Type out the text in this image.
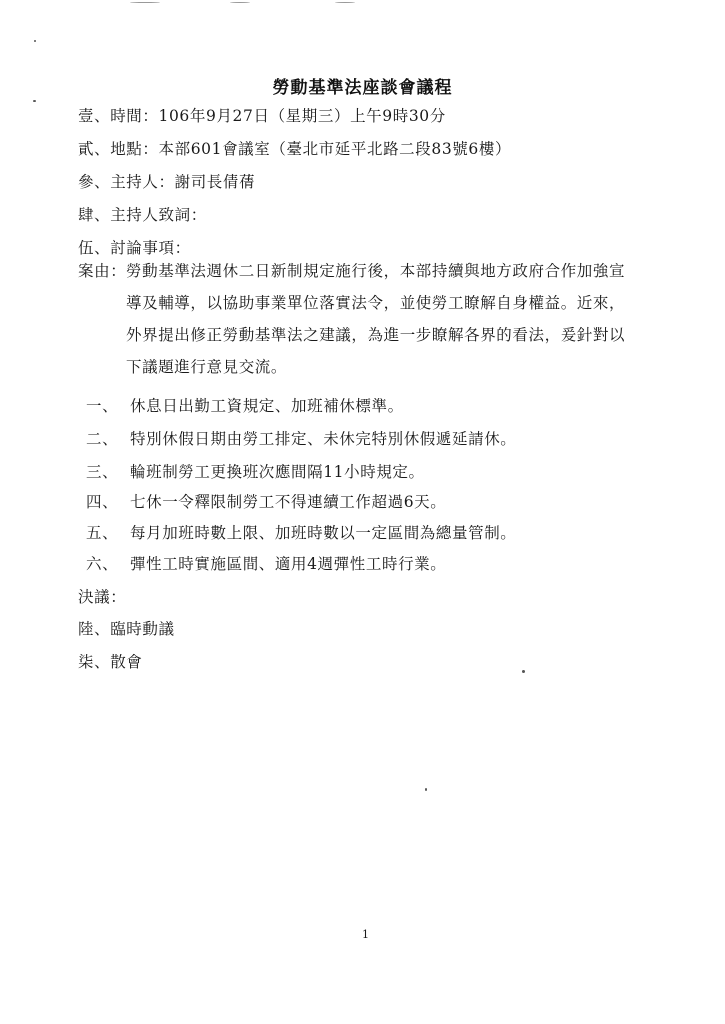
勞動基準法座談會議程
壹、時間：106年9月27日（星期三）上午9時30分
貳、地點：本部601會議室（臺北市延平北路二段83號6樓）
參、主持人：謝司長倩蒨
肆、主持人致詞：
伍、討論事項：
案由： 勞動基準法週休二日新制規定施行後，本部持續與地方政府合作加強宣
導及輔導，以協助事業單位落實法令，並使勞工瞭解自身權益。近來，
外界提出修正勞動基準法之建議，為進一步瞭解各界的看法，爰針對以
下議題進行意見交流。
一、 休息日出勤工資規定、加班補休標準。
二、 特別休假日期由勞工排定、未休完特別休假遞延請休。
三、 輪班制勞工更換班次應間隔11小時規定。
四、 七休一令釋限制勞工不得連續工作超過6天。
五、 每月加班時數上限、加班時數以一定區間為總量管制。
六、 彈性工時實施區間、適用4週彈性工時行業。
決議：
陸、臨時動議
柒、散會
1
